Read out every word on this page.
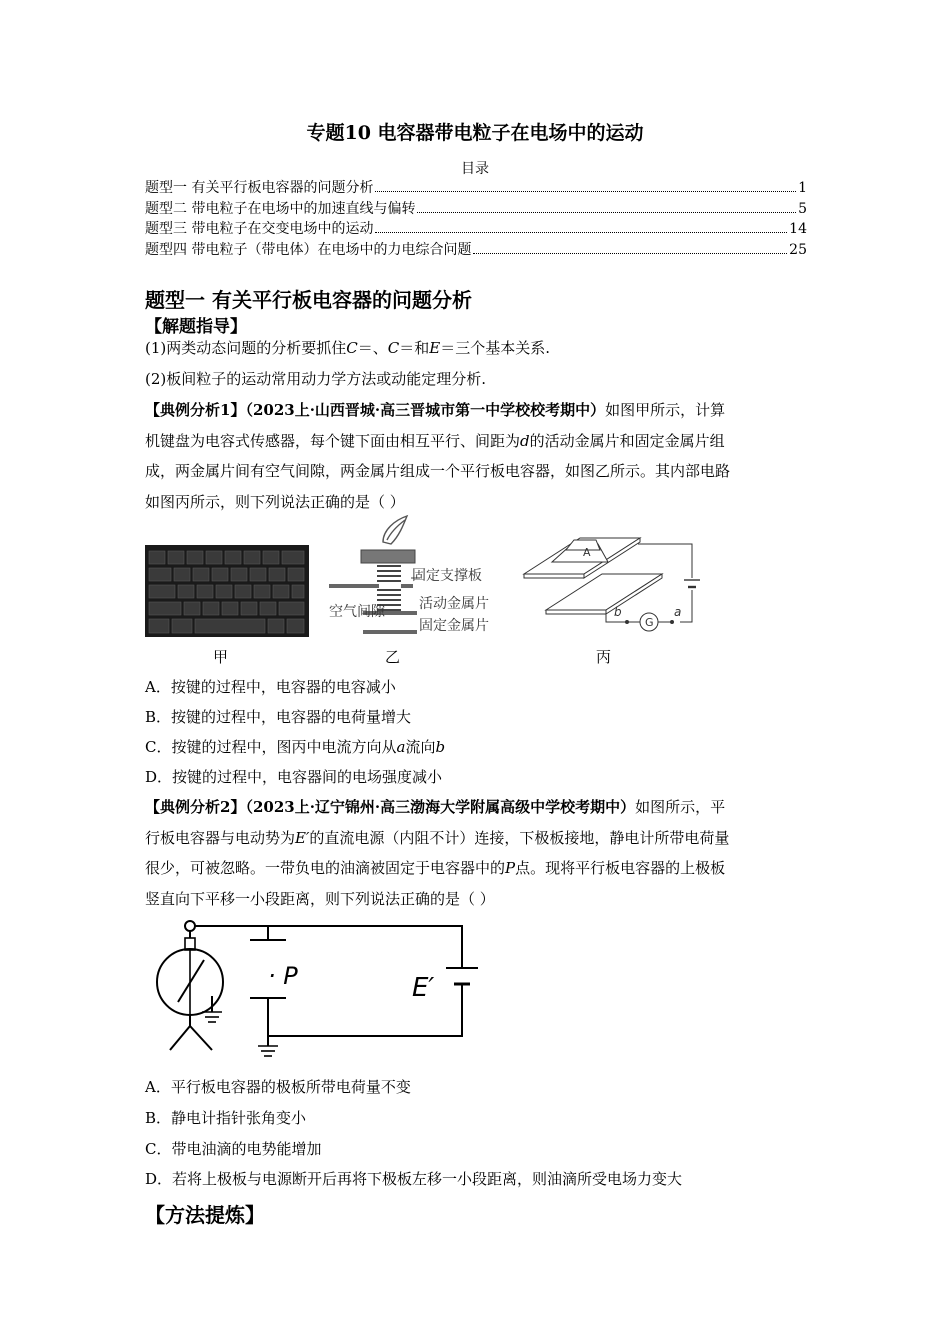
专题10 电容器带电粒子在电场中的运动
目录
题型一 有关平行板电容器的问题分析	1
题型二 带电粒子在电场中的加速直线与偏转	5
题型三 带电粒子在交变电场中的运动	14
题型四 带电粒子（带电体）在电场中的力电综合问题	25
题型一 有关平行板电容器的问题分析
【解题指导】
(1)两类动态问题的分析要抓住C＝、C＝和E＝三个基本关系.
(2)板间粒子的运动常用动力学方法或动能定理分析.
【典例分析1】（2023上·山西晋城·高三晋城市第一中学校校考期中）如图甲所示，计算
机键盘为电容式传感器，每个键下面由相互平行、间距为d的活动金属片和固定金属片组
成，两金属片间有空气间隙，两金属片组成一个平行板电容器，如图乙所示。其内部电路
如图丙所示，则下列说法正确的是（ ）
甲
固定支撑板
空气间隙 活动金属片
固定金属片
乙
A
G
a
b
丙
A．按键的过程中，电容器的电容减小
B．按键的过程中，电容器的电荷量增大
C．按键的过程中，图丙中电流方向从a流向b
D．按键的过程中，电容器间的电场强度减小
【典例分析2】（2023上·辽宁锦州·高三渤海大学附属高级中学校考期中）如图所示，平
行板电容器与电动势为E′的直流电源（内阻不计）连接，下极板接地，静电计所带电荷量
很少，可被忽略。一带负电的油滴被固定于电容器中的P点。现将平行板电容器的上极板
竖直向下平移一小段距离，则下列说法正确的是（ ）
· P	E′
A．平行板电容器的极板所带电荷量不变
B．静电计指针张角变小
C．带电油滴的电势能增加
D．若将上极板与电源断开后再将下极板左移一小段距离，则油滴所受电场力变大
【方法提炼】
